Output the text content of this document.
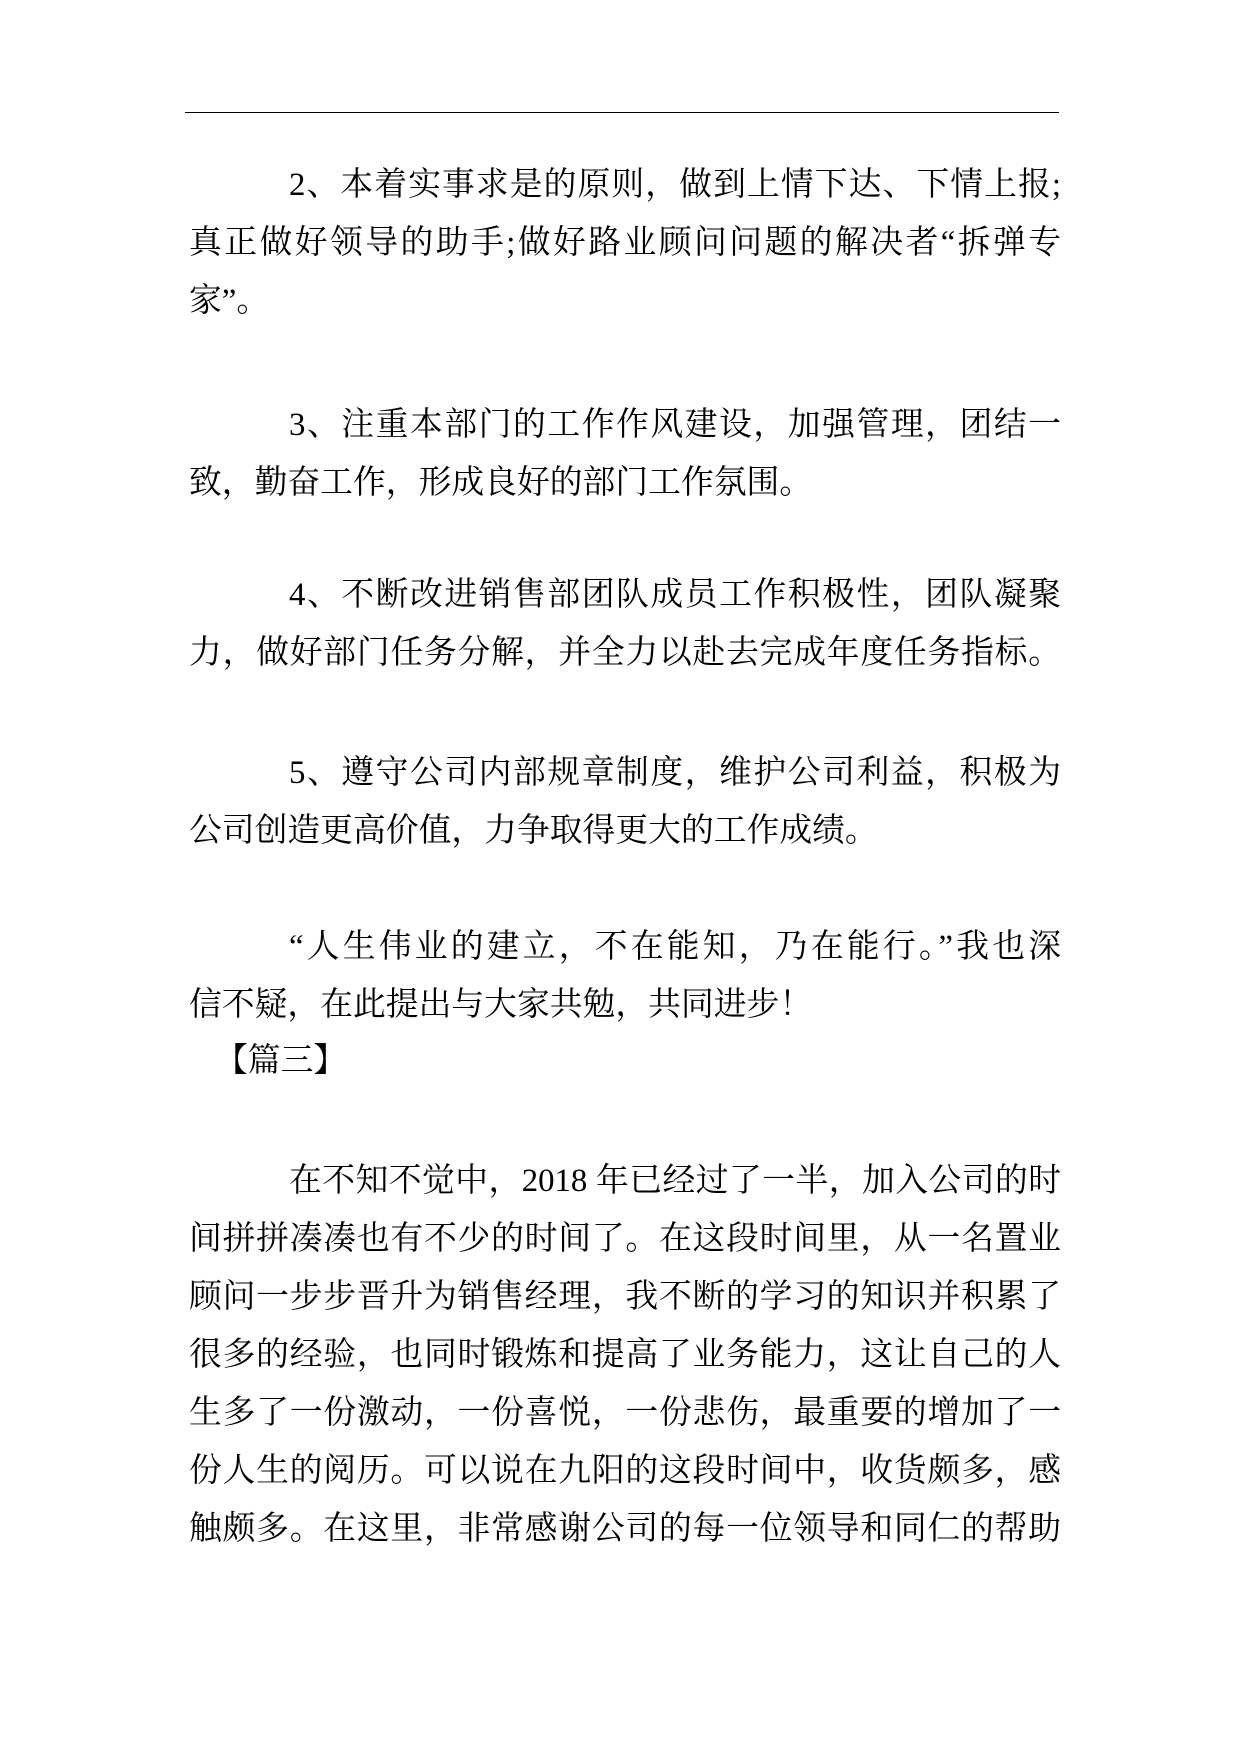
2、本着实事求是的原则，做到上情下达、下情上报;
真正做好领导的助手;做好路业顾问问题的解决者“拆弹专
家”。
3、注重本部门的工作作风建设，加强管理，团结一
致，勤奋工作，形成良好的部门工作氛围。
4、不断改进销售部团队成员工作积极性，团队凝聚
力，做好部门任务分解，并全力以赴去完成年度任务指标。
5、遵守公司内部规章制度，维护公司利益，积极为
公司创造更高价值，力争取得更大的工作成绩。
“人生伟业的建立，不在能知，乃在能行。”我也深
信不疑，在此提出与大家共勉，共同进步！
【篇三】
在不知不觉中，2018 年已经过了一半，加入公司的时
间拼拼凑凑也有不少的时间了。在这段时间里，从一名置业
顾问一步步晋升为销售经理，我不断的学习的知识并积累了
很多的经验，也同时锻炼和提高了业务能力，这让自己的人
生多了一份激动，一份喜悦，一份悲伤，最重要的增加了一
份人生的阅历。可以说在九阳的这段时间中，收货颇多，感
触颇多。在这里，非常感谢公司的每一位领导和同仁的帮助
